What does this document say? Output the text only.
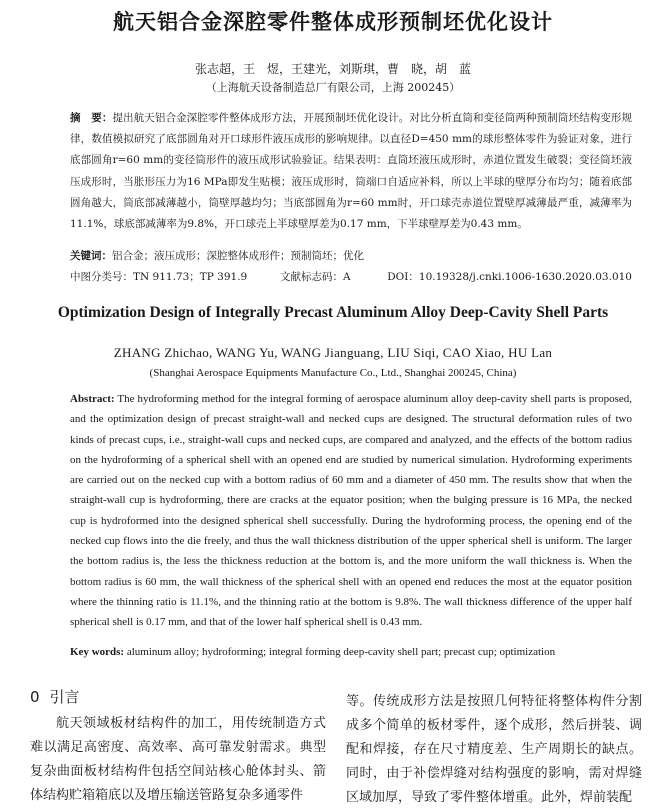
航天铝合金深腔零件整体成形预制坯优化设计
张志超，王　煜，王建光，刘斯琪，曹　晓，胡　蓝
（上海航天设备制造总厂有限公司，上海 200245）

摘　要：提出航天铝合金深腔零件整体成形方法，开展预制坯优化设计。对比分析直筒和变径筒两种预制筒坯结构变形规律，数值模拟研究了底部圆角对开口球形件液压成形的影响规律。以直径D=450 mm的球形整体零件为验证对象，进行底部圆角r=60 mm的变径筒形件的液压成形试验验证。结果表明：直筒坯液压成形时，赤道位置发生破裂；变径筒坯液压成形时，当胀形压力为16 MPa即发生贴模；液压成形时，筒端口自适应补料，所以上半球的壁厚分布均匀；随着底部圆角越大，筒底部减薄越小，筒壁厚越均匀；当底部圆角为r=60 mm时，开口球壳赤道位置壁厚减薄最严重，减薄率为11.1%，球底部减薄率为9.8%，开口球壳上半球壁厚差为0.17 mm，下半球壁厚差为0.43 mm。

关键词：铝合金；液压成形；深腔整体成形件；预制筒坯；优化
中图分类号：TN 911.73；TP 391.9	文献标志码：A	DOI：10.19328/j.cnki.1006-1630.2020.03.010
Optimization Design of Integrally Precast Aluminum Alloy Deep-Cavity Shell Parts
ZHANG Zhichao, WANG Yu, WANG Jianguang, LIU Siqi, CAO Xiao, HU Lan
(Shanghai Aerospace Equipments Manufacture Co., Ltd., Shanghai 200245, China)

Abstract: The hydroforming method for the integral forming of aerospace aluminum alloy deep-cavity shell parts is proposed, and the optimization design of precast straight-wall and necked cups are designed. The structural deformation rules of two kinds of precast cups, i.e., straight-wall cups and necked cups, are compared and analyzed, and the effects of the bottom radius on the hydroforming of a spherical shell with an opened end are studied by numerical simulation. Hydroforming experiments are carried out on the necked cup with a bottom radius of 60 mm and a diameter of 450 mm. The results show that when the straight-wall cup is hydroforming, there are cracks at the equator position; when the bulging pressure is 16 MPa, the necked cup is hydroformed into the designed spherical shell successfully. During the hydroforming process, the opening end of the necked cup flows into the die freely, and thus the wall thickness distribution of the upper spherical shell is uniform. The larger the bottom radius is, the less the thickness reduction at the bottom is, and the more uniform the wall thickness is. When the bottom radius is 60 mm, the wall thickness of the spherical shell with an opened end reduces the most at the equator position where the thinning ratio is 11.1%, and the thinning ratio at the bottom is 9.8%. The wall thickness difference of the upper half spherical shell is 0.17 mm, and that of the lower half spherical shell is 0.43 mm.

Key words: aluminum alloy; hydroforming; integral forming deep-cavity shell part; precast cup; optimization
0 引言

航天领域板材结构件的加工，用传统制造方式难以满足高密度、高效率、高可靠发射需求。典型复杂曲面板材结构件包括空间站核心舱体封头、箭体结构贮箱箱底以及增压输送管路复杂多通零件

等。传统成形方法是按照几何特征将整体构件分割成多个简单的板材零件，逐个成形，然后拼装、调配和焊接，存在尺寸精度差、生产周期长的缺点。同时，由于补偿焊缝对结构强度的影响，需对焊缝区域加厚，导致了零件整体增重。此外，焊前装配
